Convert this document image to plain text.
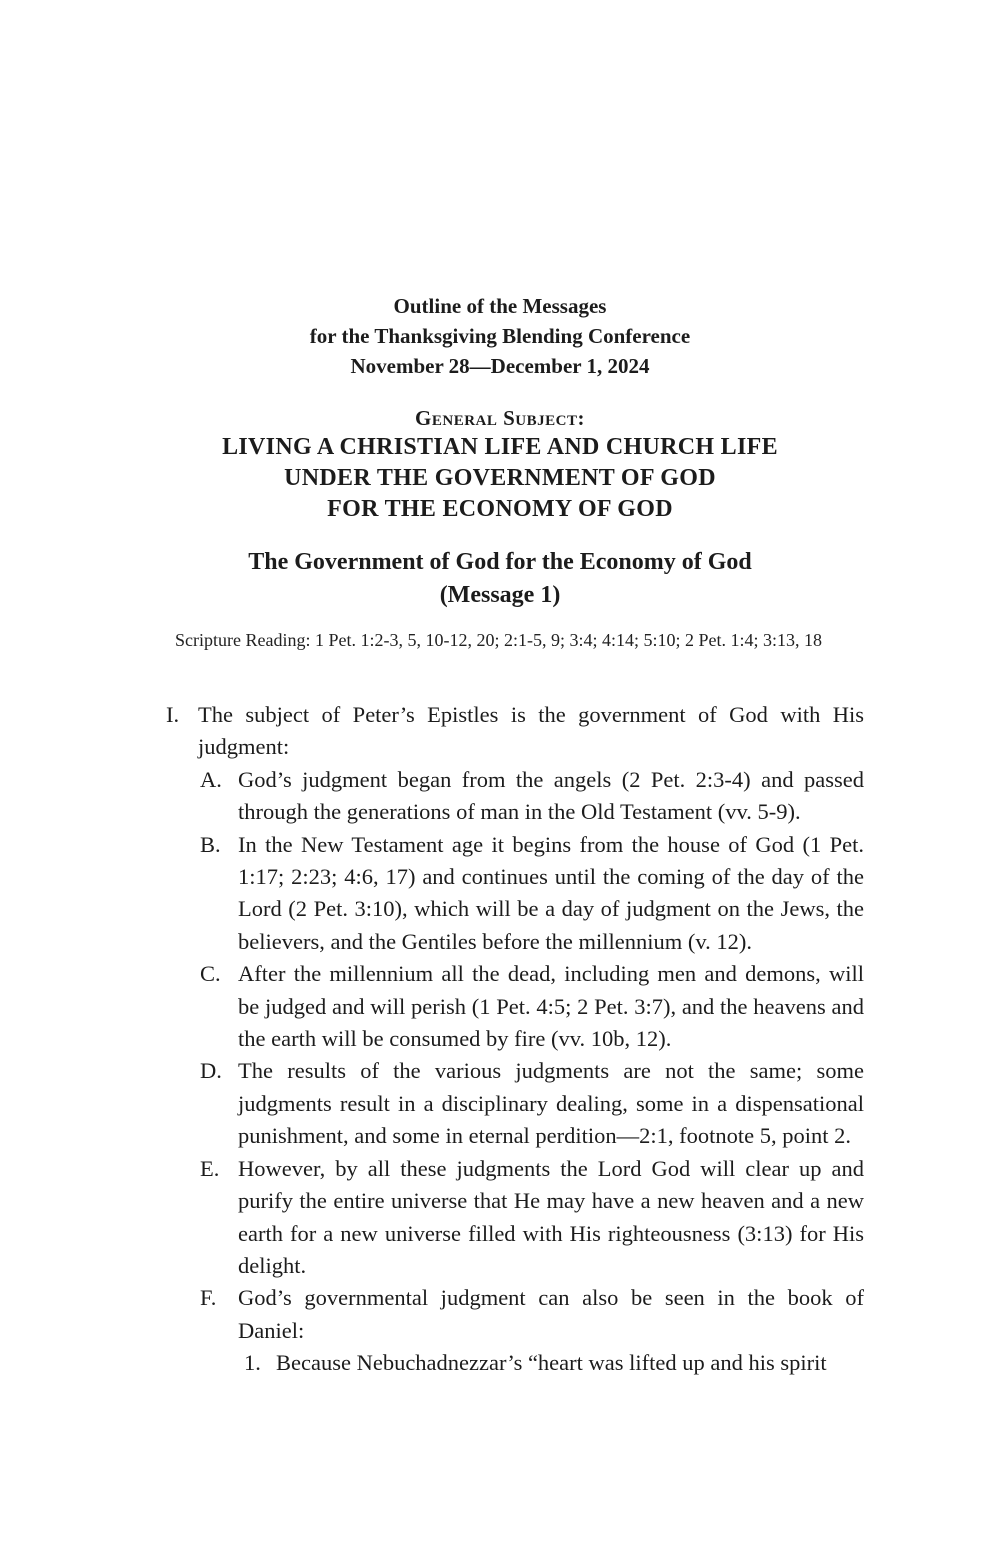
Outline of the Messages
for the Thanksgiving Blending Conference
November 28—December 1, 2024
General Subject:
LIVING A CHRISTIAN LIFE AND CHURCH LIFE
UNDER THE GOVERNMENT OF GOD
FOR THE ECONOMY OF GOD
The Government of God for the Economy of God
(Message 1)
Scripture Reading: 1 Pet. 1:2-3, 5, 10-12, 20; 2:1-5, 9; 3:4; 4:14; 5:10; 2 Pet. 1:4; 3:13, 18
I. The subject of Peter’s Epistles is the government of God with His judgment:
A. God’s judgment began from the angels (2 Pet. 2:3-4) and passed through the generations of man in the Old Testament (vv. 5-9).
B. In the New Testament age it begins from the house of God (1 Pet. 1:17; 2:23; 4:6, 17) and continues until the coming of the day of the Lord (2 Pet. 3:10), which will be a day of judgment on the Jews, the believers, and the Gentiles before the millennium (v. 12).
C. After the millennium all the dead, including men and demons, will be judged and will perish (1 Pet. 4:5; 2 Pet. 3:7), and the heavens and the earth will be consumed by fire (vv. 10b, 12).
D. The results of the various judgments are not the same; some judgments result in a disciplinary dealing, some in a dispensational punishment, and some in eternal perdition—2:1, footnote 5, point 2.
E. However, by all these judgments the Lord God will clear up and purify the entire universe that He may have a new heaven and a new earth for a new universe filled with His righteousness (3:13) for His delight.
F. God’s governmental judgment can also be seen in the book of Daniel:
1. Because Nebuchadnezzar’s “heart was lifted up and his spirit
